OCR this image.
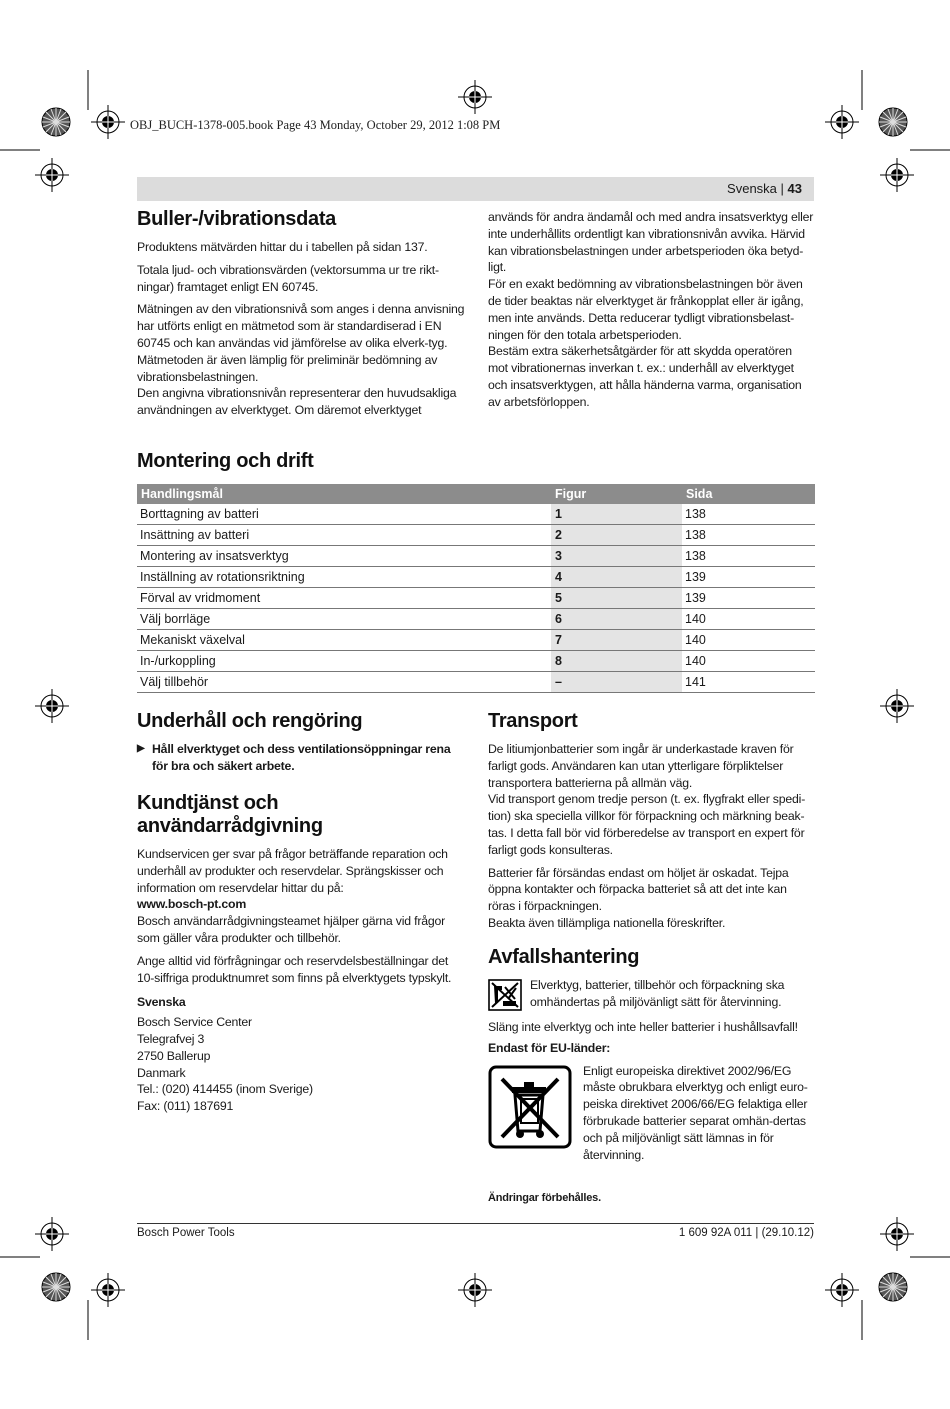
OBJ_BUCH-1378-005.book Page 43 Monday, October 29, 2012 1:08 PM
Svenska | 43
Buller-/vibrationsdata

Produktens mätvärden hittar du i tabellen på sidan 137.

Totala ljud- och vibrationsvärden (vektorsumma ur tre rikt-ningar) framtaget enligt EN 60745.

Mätningen av den vibrationsnivå som anges i denna anvisning har utförts enligt en mätmetod som är standardiserad i EN 60745 och kan användas vid jämförelse av olika elverk-tyg. Mätmetoden är även lämplig för preliminär bedömning av vibrationsbelastningen.

Den angivna vibrationsnivån representerar den huvudsakliga användningen av elverktyget. Om däremot elverktyget

används för andra ändamål och med andra insatsverktyg eller inte underhållits ordentligt kan vibrationsnivån avvika. Härvid kan vibrationsbelastningen under arbetsperioden öka betyd-ligt.

För en exakt bedömning av vibrationsbelastningen bör även de tider beaktas när elverktyget är frånkopplat eller är igång, men inte används. Detta reducerar tydligt vibrationsbelast-ningen för den totala arbetsperioden.

Bestäm extra säkerhetsåtgärder för att skydda operatören mot vibrationernas inverkan t. ex.: underhåll av elverktyget och insatsverktygen, att hålla händerna varma, organisation av arbetsförloppen.

Montering och drift
Handlingsmål	Figur	Sida
Borttagning av batteri	1	138
Insättning av batteri	2	138
Montering av insatsverktyg	3	138
Inställning av rotationsriktning	4	139
Förval av vridmoment	5	139
Välj borrläge	6	140
Mekaniskt växelval	7	140
In-/urkoppling	8	140
Välj tillbehör	–	141
Underhåll och rengöring
▶ Håll elverktyget och dess ventilationsöppningar rena för bra och säkert arbete.
Kundtjänst och användarrådgivning

Kundservicen ger svar på frågor beträffande reparation och underhåll av produkter och reservdelar. Sprängskisser och information om reservdelar hittar du på:

www.bosch-pt.com

Bosch användarrådgivningsteamet hjälper gärna vid frågor som gäller våra produkter och tillbehör.

Ange alltid vid förfrågningar och reservdelsbeställningar det 10-siffriga produktnumret som finns på elverktygets typskylt.

Svenska

Bosch Service Center
Telegrafvej 3
2750 Ballerup
Danmark
Tel.: (020) 414455 (inom Sverige)
Fax: (011) 187691
Transport

De litiumjonbatterier som ingår är underkastade kraven för farligt gods. Användaren kan utan ytterligare förpliktelser transportera batterierna på allmän väg.

Vid transport genom tredje person (t. ex. flygfrakt eller spedi-tion) ska speciella villkor för förpackning och märkning beak-tas. I detta fall bör vid förberedelse av transport en expert för farligt gods konsulteras.

Batterier får försändas endast om höljet är oskadat. Tejpa öppna kontakter och förpacka batteriet så att det inte kan röras i förpackningen.

Beakta även tillämpliga nationella föreskrifter.

Avfallshantering
Elverktyg, batterier, tillbehör och förpackning ska omhändertas på miljövänligt sätt för återvinning.

Släng inte elverktyg och inte heller batterier i hushållsavfall!

Endast för EU-länder:

Enligt europeiska direktivet 2002/96/EG måste obrukbara elverktyg och enligt euro-peiska direktivet 2006/66/EG felaktiga eller förbrukade batterier separat omhän-dertas och på miljövänligt sätt lämnas in för återvinning.
Ändringar förbehålles.
Bosch Power Tools	1 609 92A 011 | (29.10.12)
